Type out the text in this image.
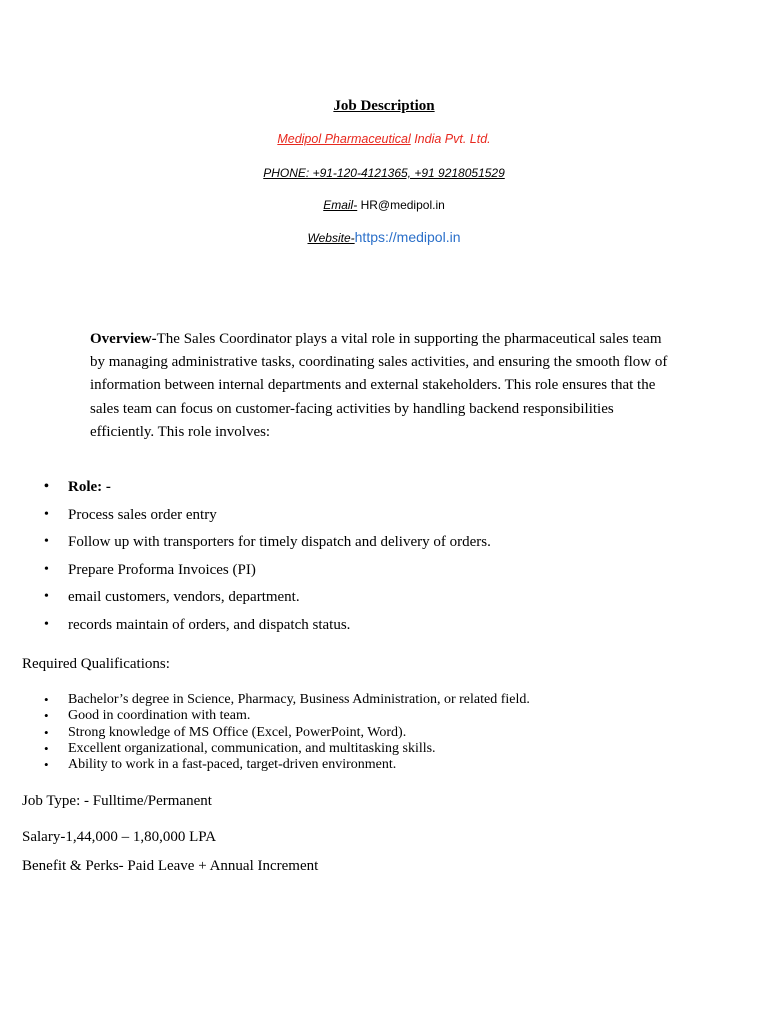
Job Description
Medipol Pharmaceutical India Pvt. Ltd.
PHONE: +91-120-4121365, +91 9218051529
Email- HR@medipol.in
Website-https://medipol.in
Overview-The Sales Coordinator plays a vital role in supporting the pharmaceutical sales team by managing administrative tasks, coordinating sales activities, and ensuring the smooth flow of information between internal departments and external stakeholders. This role ensures that the sales team can focus on customer-facing activities by handling backend responsibilities efficiently. This role involves:
• Role: -
• Process sales order entry
• Follow up with transporters for timely dispatch and delivery of orders.
• Prepare Proforma Invoices (PI)
• email customers, vendors, department.
• records maintain of orders, and dispatch status.
Required Qualifications:
• Bachelor’s degree in Science, Pharmacy, Business Administration, or related field.
• Good in coordination with team.
• Strong knowledge of MS Office (Excel, PowerPoint, Word).
• Excellent organizational, communication, and multitasking skills.
• Ability to work in a fast-paced, target-driven environment.
Job Type: - Fulltime/Permanent
Salary-1,44,000 – 1,80,000 LPA
Benefit & Perks- Paid Leave + Annual Increment
